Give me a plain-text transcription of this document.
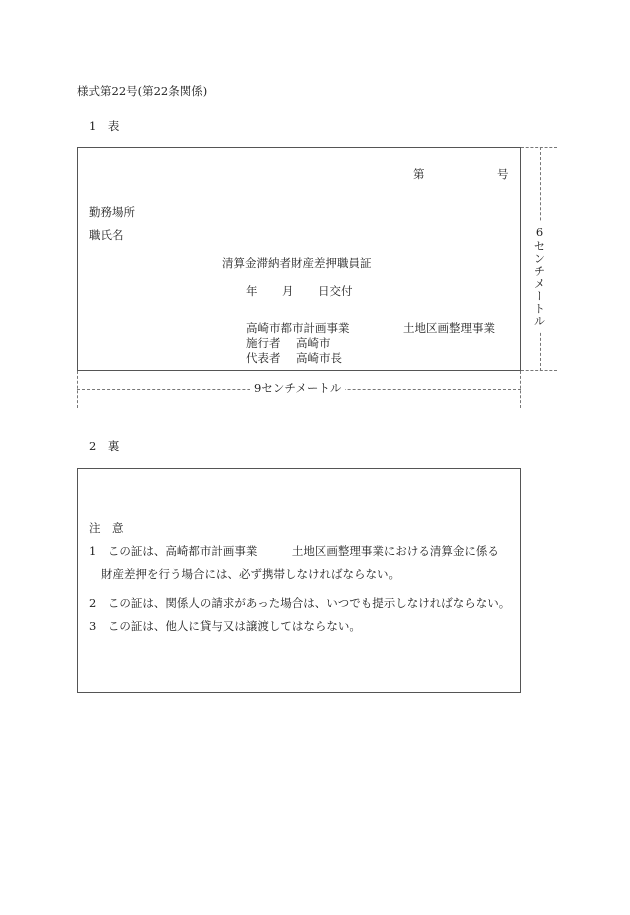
様式第22号(第22条関係)
1　表
第	号
勤務場所
職氏名
清算金滞納者財産差押職員証
年 月 日交付
高崎市都市計画事業	土地区画整理事業
施行者 高崎市
代表者 高崎市長
6センチメートル
9センチメートル
2　裏
注　意
1　この証は、高崎都市計画事業　　　土地区画整理事業における清算金に係る
財産差押を行う場合には、必ず携帯しなければならない。
2　この証は、関係人の請求があった場合は、いつでも提示しなければならない。
3　この証は、他人に貸与又は譲渡してはならない。
